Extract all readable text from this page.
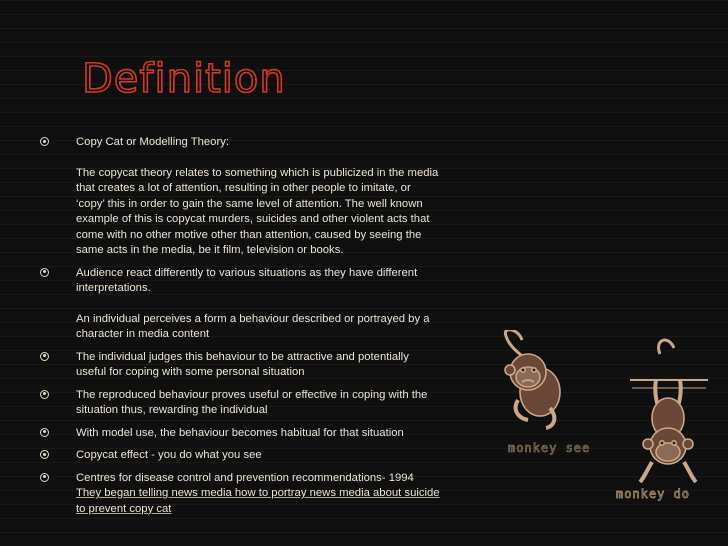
Definition

Copy Cat or Modelling Theory:

The copycat theory relates to something which is publicized in the media that creates a lot of attention, resulting in other people to imitate, or ‘copy’ this in order to gain the same level of attention. The well known example of this is copycat murders, suicides and other violent acts that come with no other motive other than attention, caused by seeing the same acts in the media, be it film, television or books.

Audience react differently to various situations as they have different interpretations.

An individual perceives a form a behaviour described or portrayed by a character in media content

The individual judges this behaviour to be attractive and potentially useful for coping with some personal situation

The reproduced behaviour proves useful or effective in coping with the situation thus, rewarding the individual

With model use, the behaviour becomes habitual for that situation

Copycat effect - you do what you see

Centres for disease control and prevention recommendations- 1994

They began telling news media how to portray news media about suicide to prevent copy cat

monkey see
monkey do
